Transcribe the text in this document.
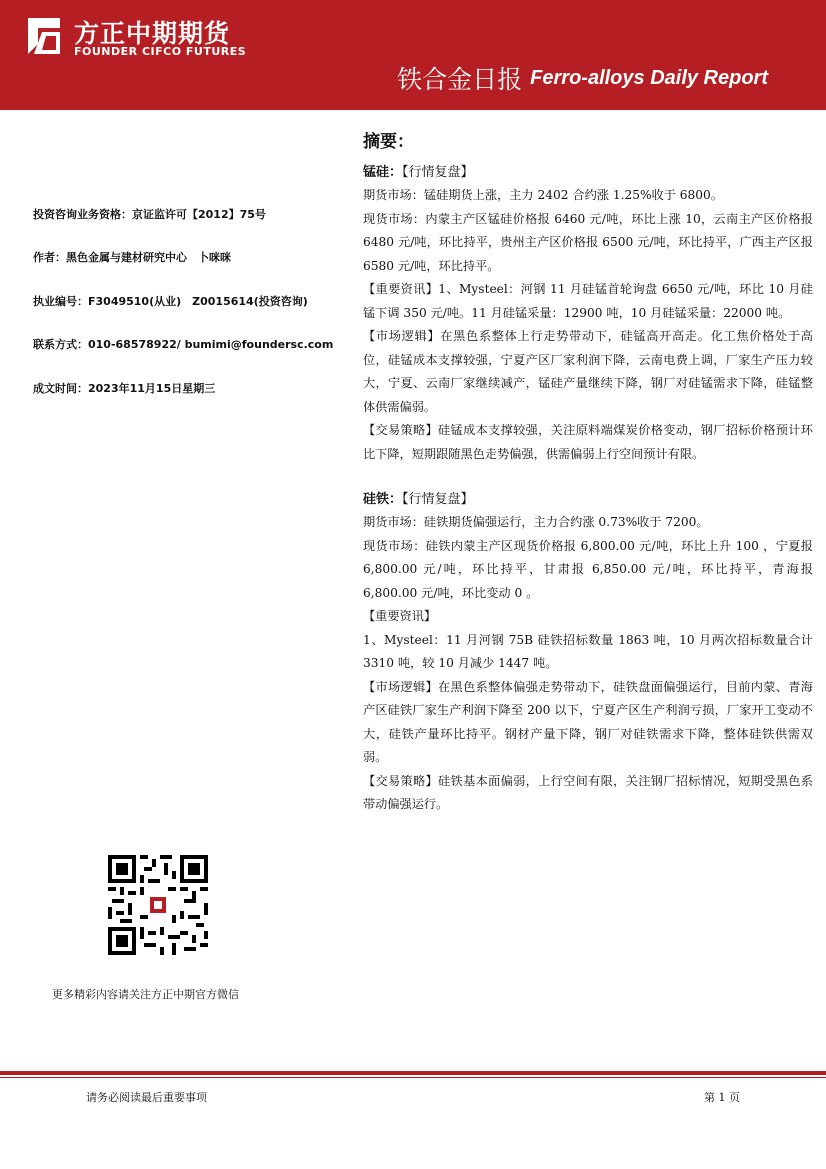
方正中期期货
FOUNDER CIFCO FUTURES
铁合金日报 Ferro-alloys Daily Report
投资咨询业务资格：京证监许可【2012】75号
作者：黑色金属与建材研究中心　卜咪咪
执业编号：F3049510(从业)　Z0015614(投资咨询)
联系方式：010-68578922/ bumimi@foundersc.com
成文时间：2023年11月15日星期三
更多精彩内容请关注方正中期官方微信
摘要：
锰硅：【行情复盘】

期货市场：锰硅期货上涨，主力 2402 合约涨 1.25%收于 6800。

现货市场：内蒙主产区锰硅价格报 6460 元/吨，环比上涨 10，云南主产区价格报 6480 元/吨，环比持平，贵州主产区价格报 6500 元/吨，环比持平，广西主产区报 6580 元/吨，环比持平。

【重要资讯】1、Mysteel：河钢 11 月硅锰首轮询盘 6650 元/吨，环比 10 月硅锰下调 350 元/吨。11 月硅锰采量：12900 吨，10 月硅锰采量：22000 吨。

【市场逻辑】在黑色系整体上行走势带动下，硅锰高开高走。化工焦价格处于高位，硅锰成本支撑较强，宁夏产区厂家利润下降，云南电费上调，厂家生产压力较大，宁夏、云南厂家继续减产，锰硅产量继续下降，钢厂对硅锰需求下降，硅锰整体供需偏弱。

【交易策略】硅锰成本支撑较强，关注原料端煤炭价格变动，钢厂招标价格预计环比下降，短期跟随黑色走势偏强，供需偏弱上行空间预计有限。

硅铁：【行情复盘】

期货市场：硅铁期货偏强运行，主力合约涨 0.73%收于 7200。

现货市场：硅铁内蒙主产区现货价格报 6,800.00 元/吨，环比上升 100 ，宁夏报 6,800.00 元/吨，环比持平，甘肃报 6,850.00 元/吨，环比持平，青海报 6,800.00 元/吨，环比变动 0 。

【重要资讯】

1、Mysteel：11 月河钢 75B 硅铁招标数量 1863 吨，10 月两次招标数量合计 3310 吨，较 10 月减少 1447 吨。

【市场逻辑】在黑色系整体偏强走势带动下，硅铁盘面偏强运行，目前内蒙、青海产区硅铁厂家生产利润下降至 200 以下，宁夏产区生产利润亏损，厂家开工变动不大，硅铁产量环比持平。钢材产量下降，钢厂对硅铁需求下降，整体硅铁供需双弱。

【交易策略】硅铁基本面偏弱，上行空间有限，关注钢厂招标情况，短期受黑色系带动偏强运行。

请务必阅读最后重要事项	第 1 页
